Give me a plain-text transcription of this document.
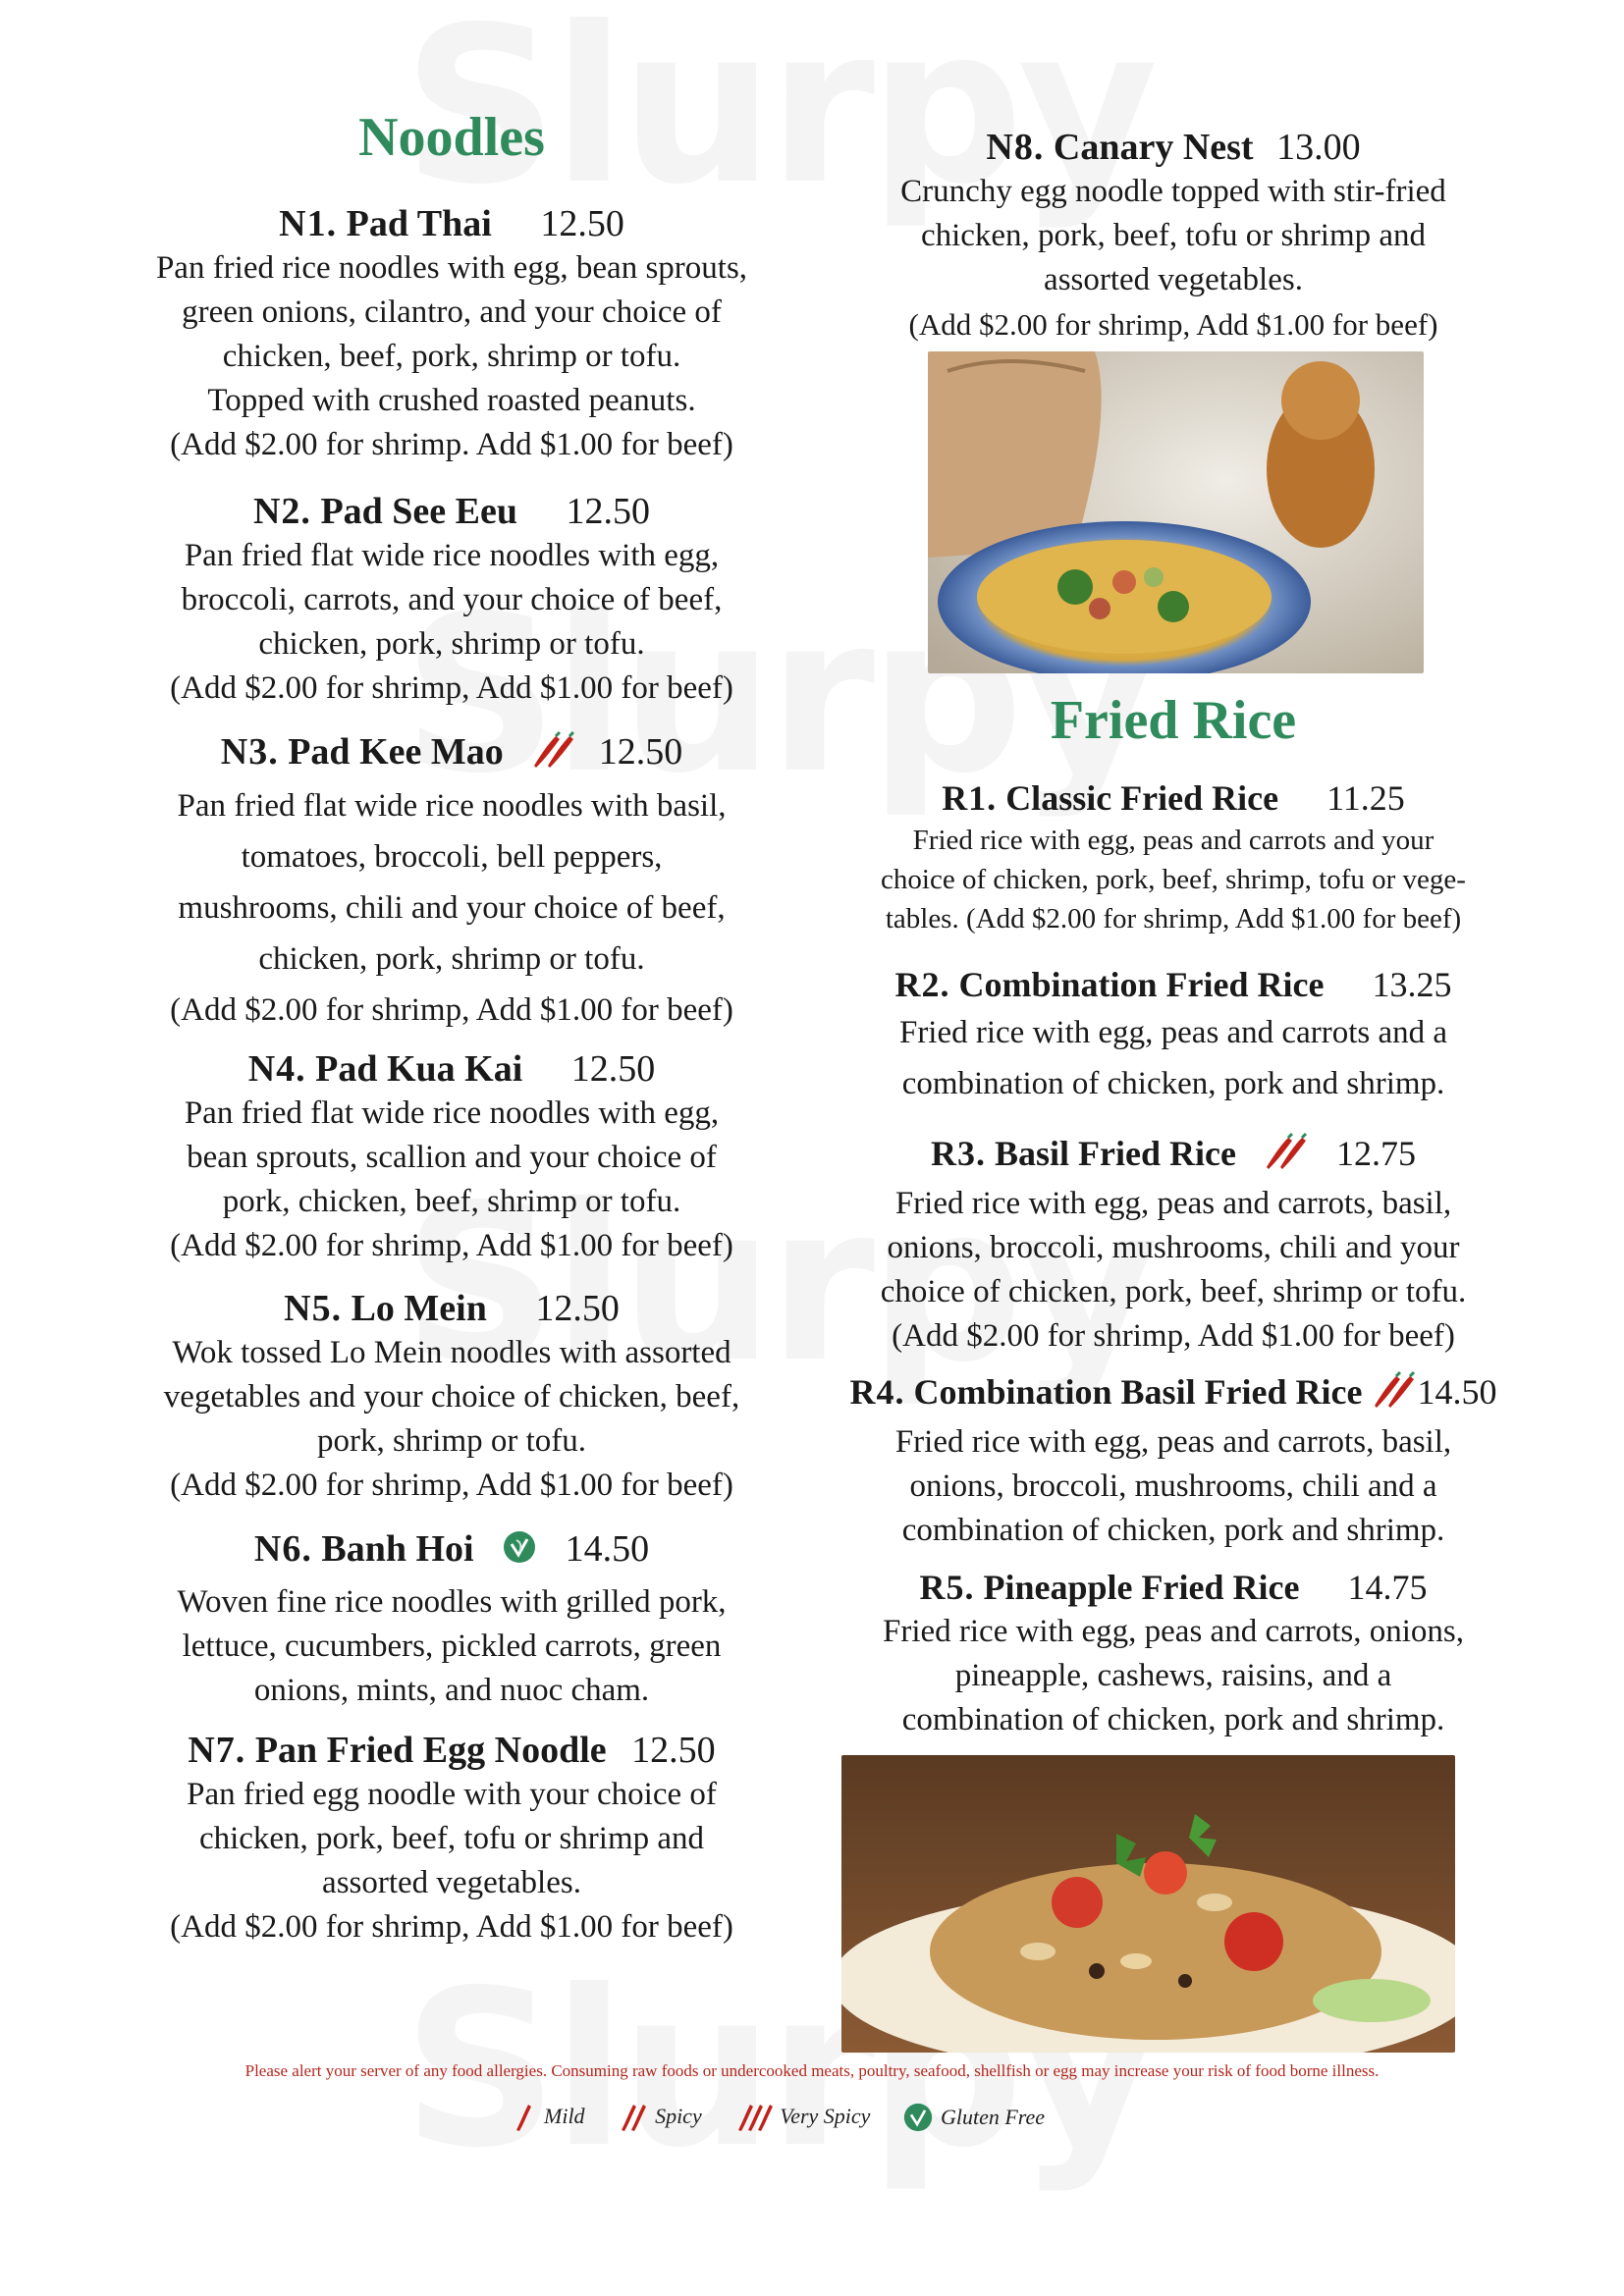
Noodles
N1. Pad Thai 12.50
Pan fried rice noodles with egg, bean sprouts,
green onions, cilantro, and your choice of
chicken, beef, pork, shrimp or tofu.
Topped with crushed roasted peanuts.
(Add $2.00 for shrimp. Add $1.00 for beef)
N2. Pad See Eeu 12.50
Pan fried flat wide rice noodles with egg,
broccoli, carrots, and your choice of beef,
chicken, pork, shrimp or tofu.
(Add $2.00 for shrimp, Add $1.00 for beef)
N3. Pad Kee Mao	12.50
Pan fried flat wide rice noodles with basil,
tomatoes, broccoli, bell peppers,
mushrooms, chili and your choice of beef,
chicken, pork, shrimp or tofu.
(Add $2.00 for shrimp, Add $1.00 for beef)
N4. Pad Kua Kai 12.50
Pan fried flat wide rice noodles with egg,
bean sprouts, scallion and your choice of
pork, chicken, beef, shrimp or tofu.
(Add $2.00 for shrimp, Add $1.00 for beef)
N5. Lo Mein 12.50
Wok tossed Lo Mein noodles with assorted
vegetables and your choice of chicken, beef,
pork, shrimp or tofu.
(Add $2.00 for shrimp, Add $1.00 for beef)
N6. Banh Hoi 14.50
Woven fine rice noodles with grilled pork,
lettuce, cucumbers, pickled carrots, green
onions, mints, and nuoc cham.
N7. Pan Fried Egg Noodle 12.50
Pan fried egg noodle with your choice of
chicken, pork, beef, tofu or shrimp and
assorted vegetables.
(Add $2.00 for shrimp, Add $1.00 for beef)
N8. Canary Nest 13.00
Crunchy egg noodle topped with stir-fried
chicken, pork, beef, tofu or shrimp and
assorted vegetables.
(Add $2.00 for shrimp, Add $1.00 for beef)
Fried Rice
R1. Classic Fried Rice 11.25
Fried rice with egg, peas and carrots and your
choice of chicken, pork, beef, shrimp, tofu or vege-
tables. (Add $2.00 for shrimp, Add $1.00 for beef)
R2. Combination Fried Rice 13.25
Fried rice with egg, peas and carrots and a
combination of chicken, pork and shrimp.
R3. Basil Fried Rice	12.75
Fried rice with egg, peas and carrots, basil,
onions, broccoli, mushrooms, chili and your
choice of chicken, pork, beef, shrimp or tofu.
(Add $2.00 for shrimp, Add $1.00 for beef)
R4. Combination Basil Fried Rice 14.50
Fried rice with egg, peas and carrots, basil,
onions, broccoli, mushrooms, chili and a
combination of chicken, pork and shrimp.
R5. Pineapple Fried Rice 14.75
Fried rice with egg, peas and carrots, onions,
pineapple, cashews, raisins, and a
combination of chicken, pork and shrimp.
Please alert your server of any food allergies. Consuming raw foods or undercooked meats, poultry, seafood, shellfish or egg may increase your risk of food borne illness.
Mild
	Spicy
	Very Spicy
	Gluten Free
